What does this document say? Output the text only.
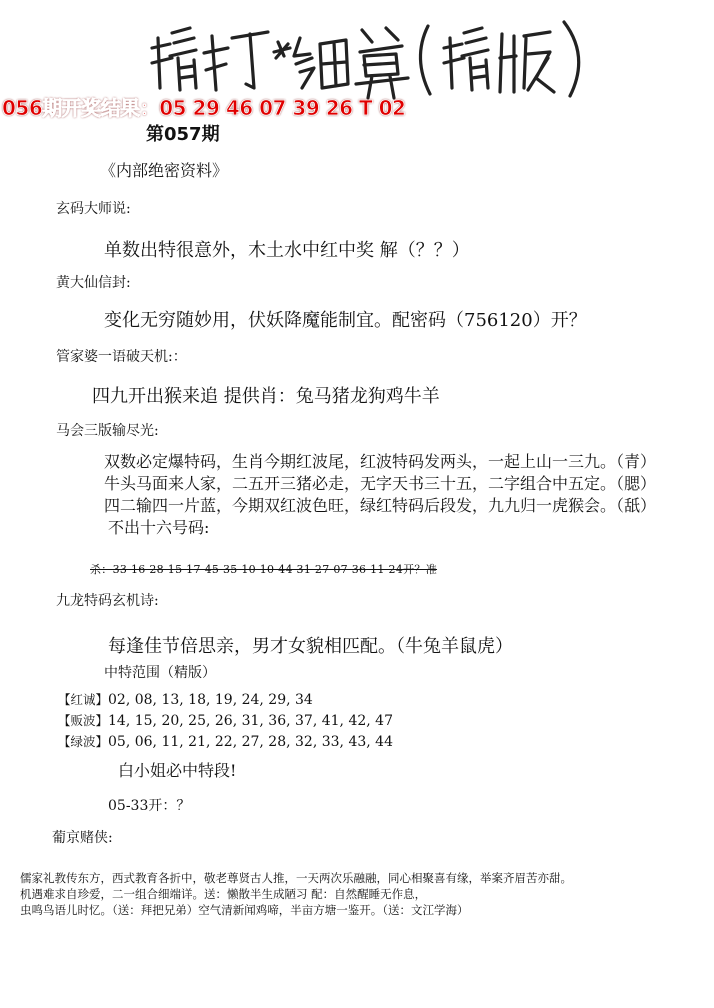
056期开奖结果：05 29 46 07 39 26 T 02
第057期
《内部绝密资料》
玄码大师说:
单数出特很意外，木土水中红中奖 解（？？）
黄大仙信封:
变化无穷随妙用，伏妖降魔能制宜。配密码（756120）开？
管家婆一语破天机:：
四九开出猴来追 提供肖：兔马猪龙狗鸡牛羊
马会三版输尽光:
双数必定爆特码，生肖今期红波尾，红波特码发两头，一起上山一三九。（青）
牛头马面来人家，二五开三猪必走，无字天书三十五，二字组合中五定。（腮）
四二输四一片蓝，今期双红波色旺，绿红特码后段发，九九归一虎猴会。（舐）
不出十六号码:
杀：33 16 28 15 17 45 35 10 10 44 31 27 07 36 11 24开？准
九龙特码玄机诗:
每逢佳节倍思亲，男才女貌相匹配。（牛兔羊鼠虎）
中特范围（精版）
【红诚】02, 08, 13, 18, 19, 24, 29, 34
【贩波】14, 15, 20, 25, 26, 31, 36, 37, 41, 42, 47
【绿波】05, 06, 11, 21, 22, 27, 28, 32, 33, 43, 44
白小姐必中特段!
05-33开：？
葡京赌侠:
儒家礼教传东方，西式教育各折中，敬老尊贤古人推，一天两次乐融融，同心相聚喜有缘，举案齐眉苦亦甜。
机遇难求自珍爱，二一组合细端详。送：懒散半生成陋习 配：自然醒睡无作息，
虫鸣鸟语儿时忆。（送：拜把兄弟）空气清新闻鸡啼，半亩方塘一鉴开。（送：文江学海）
